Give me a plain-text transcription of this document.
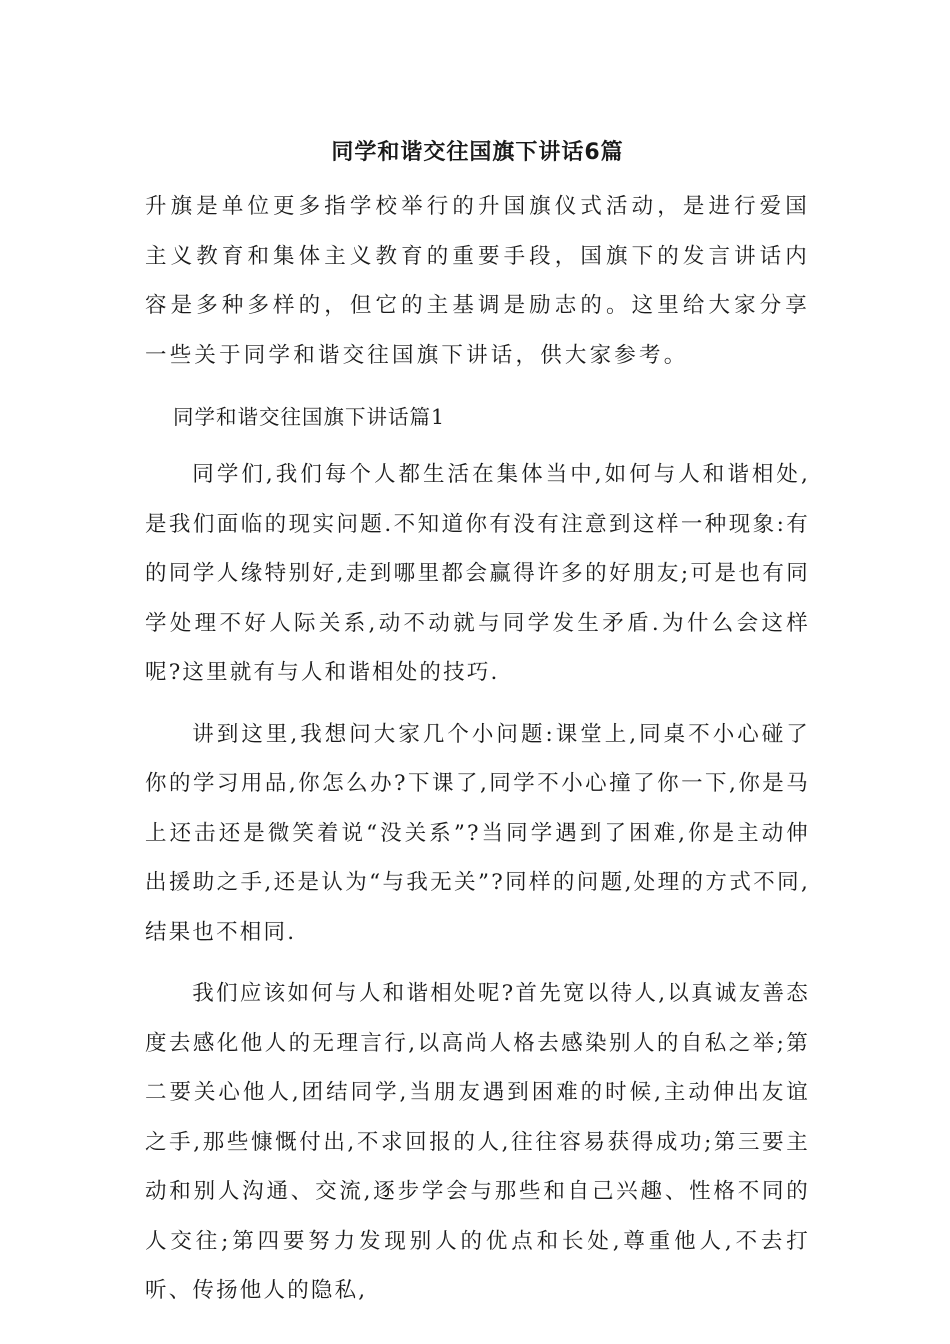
同学和谐交往国旗下讲话6篇

升旗是单位更多指学校举行的升国旗仪式活动，是进行爱国主义教育和集体主义教育的重要手段，国旗下的发言讲话内容是多种多样的，但它的主基调是励志的。这里给大家分享一些关于同学和谐交往国旗下讲话，供大家参考。

同学和谐交往国旗下讲话篇1

同学们,我们每个人都生活在集体当中,如何与人和谐相处,是我们面临的现实问题.不知道你有没有注意到这样一种现象:有的同学人缘特别好,走到哪里都会赢得许多的好朋友;可是也有同学处理不好人际关系,动不动就与同学发生矛盾.为什么会这样呢?这里就有与人和谐相处的技巧.

讲到这里,我想问大家几个小问题:课堂上,同桌不小心碰了你的学习用品,你怎么办?下课了,同学不小心撞了你一下,你是马上还击还是微笑着说“没关系”?当同学遇到了困难,你是主动伸出援助之手,还是认为“与我无关”?同样的问题,处理的方式不同,结果也不相同.

我们应该如何与人和谐相处呢?首先宽以待人,以真诚友善态度去感化他人的无理言行,以高尚人格去感染别人的自私之举;第二要关心他人,团结同学,当朋友遇到困难的时候,主动伸出友谊之手,那些慷慨付出,不求回报的人,往往容易获得成功;第三要主动和别人沟通、交流,逐步学会与那些和自己兴趣、性格不同的人交往;第四要努力发现别人的优点和长处,尊重他人,不去打听、传扬他人的隐私,
